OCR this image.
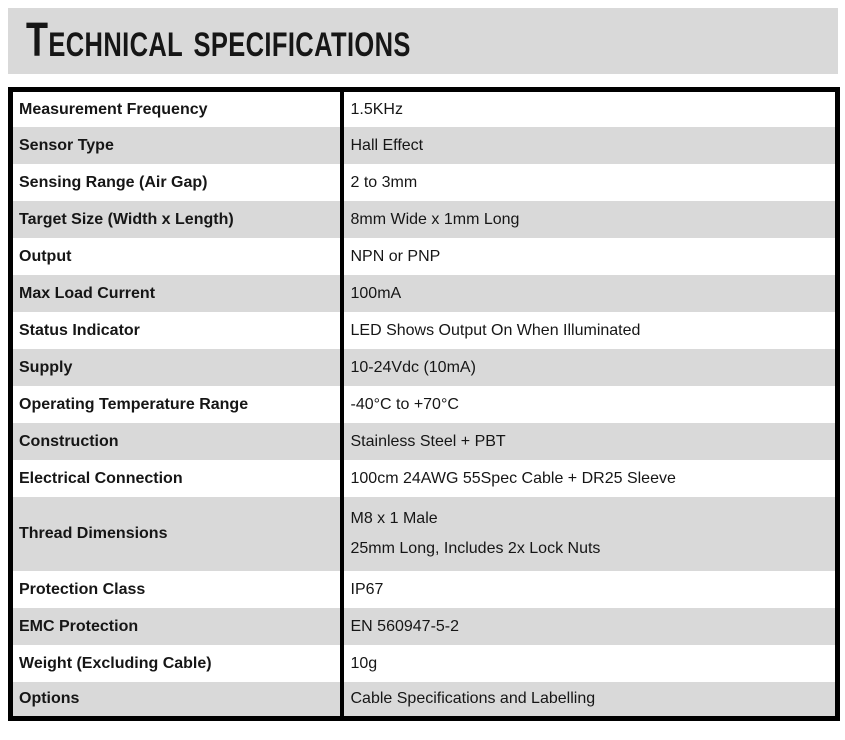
Technical specifications
Measurement Frequency	1.5KHz
Sensor Type	Hall Effect
Sensing Range (Air Gap)	2 to 3mm
Target Size (Width x Length)	8mm Wide x 1mm Long
Output	NPN or PNP
Max Load Current	100mA
Status Indicator	LED Shows Output On When Illuminated
Supply	10-24Vdc (10mA)
Operating Temperature Range	-40°C to +70°C
Construction	Stainless Steel + PBT
Electrical Connection	100cm 24AWG 55Spec Cable + DR25 Sleeve
Thread Dimensions	M8 x 1 Male
25mm Long, Includes 2x Lock Nuts

Protection Class	IP67
EMC Protection	EN 560947-5-2
Weight (Excluding Cable)	10g
Options	Cable Specifications and Labelling
